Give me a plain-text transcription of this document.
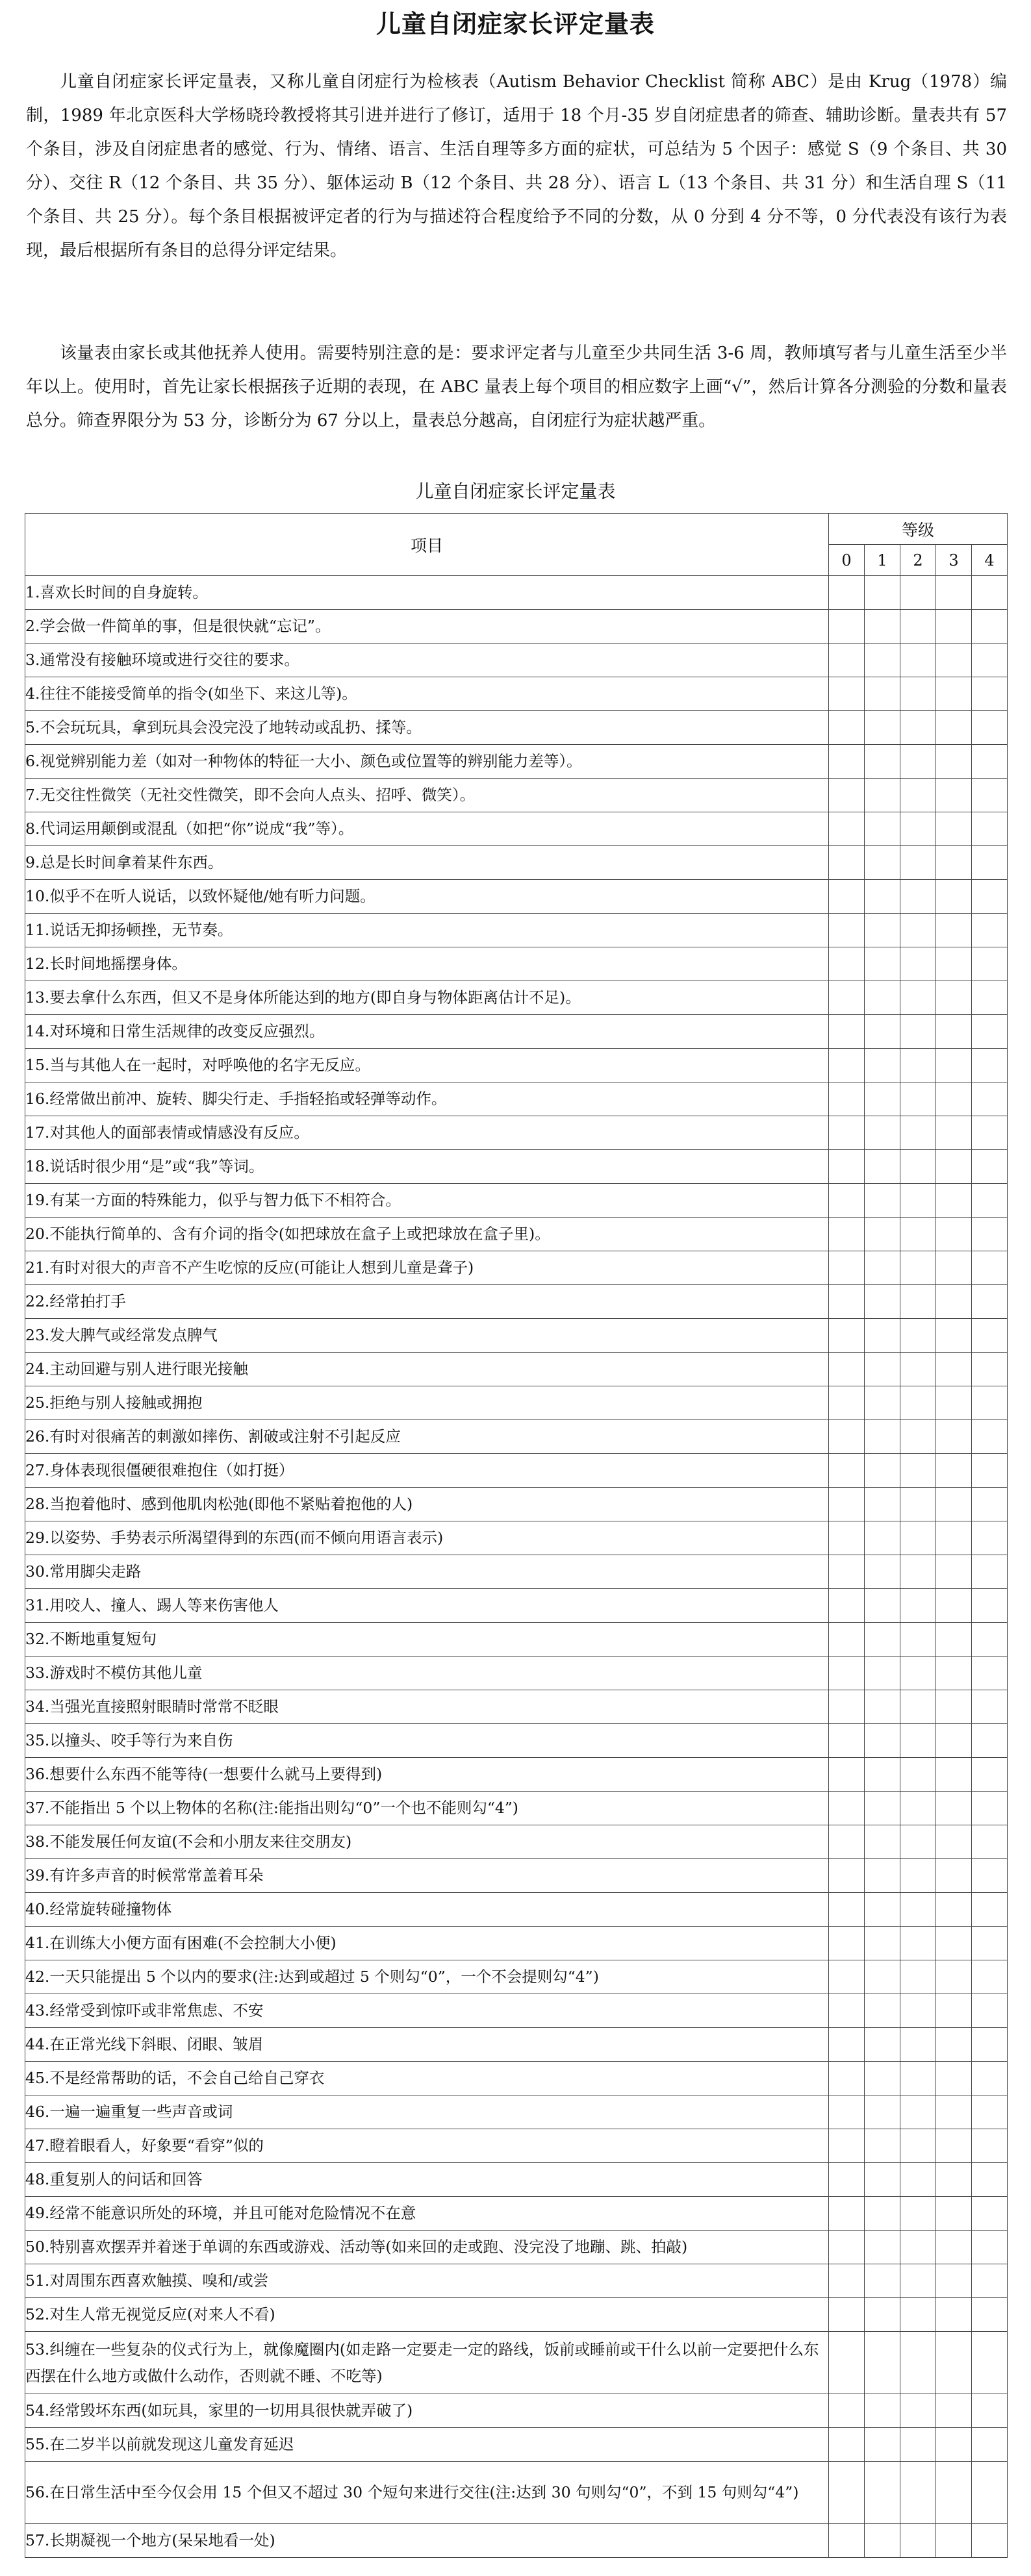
儿童自闭症家长评定量表

儿童自闭症家长评定量表，又称儿童自闭症行为检核表（Autism Behavior Checklist 简称 ABC）是由 Krug（1978）编制，1989 年北京医科大学杨晓玲教授将其引进并进行了修订，适用于 18 个月-35 岁自闭症患者的筛查、辅助诊断。量表共有 57 个条目，涉及自闭症患者的感觉、行为、情绪、语言、生活自理等多方面的症状，可总结为 5 个因子：感觉 S（9 个条目、共 30 分）、交往 R（12 个条目、共 35 分）、躯体运动 B（12 个条目、共 28 分）、语言 L（13 个条目、共 31 分）和生活自理 S（11 个条目、共 25 分）。每个条目根据被评定者的行为与描述符合程度给予不同的分数，从 0 分到 4 分不等，0 分代表没有该行为表现，最后根据所有条目的总得分评定结果。

该量表由家长或其他抚养人使用。需要特别注意的是：要求评定者与儿童至少共同生活 3-6 周，教师填写者与儿童生活至少半年以上。使用时，首先让家长根据孩子近期的表现，在 ABC 量表上每个项目的相应数字上画“√”，然后计算各分测验的分数和量表总分。筛查界限分为 53 分，诊断分为 67 分以上，量表总分越高，自闭症行为症状越严重。

儿童自闭症家长评定量表
项目	等级				
	0	1	2	3	4
1.喜欢长时间的自身旋转。					
2.学会做一件简单的事，但是很快就“忘记”。					
3.通常没有接触环境或进行交往的要求。					
4.往往不能接受简单的指令(如坐下、来这儿等)。					
5.不会玩玩具，拿到玩具会没完没了地转动或乱扔、揉等。					
6.视觉辨别能力差（如对一种物体的特征一大小、颜色或位置等的辨别能力差等）。					
7.无交往性微笑（无社交性微笑，即不会向人点头、招呼、微笑）。					
8.代词运用颠倒或混乱（如把“你”说成“我”等）。					
9.总是长时间拿着某件东西。					
10.似乎不在听人说话，以致怀疑他/她有听力问题。					
11.说话无抑扬顿挫，无节奏。					
12.长时间地摇摆身体。					
13.要去拿什么东西，但又不是身体所能达到的地方(即自身与物体距离估计不足)。					
14.对环境和日常生活规律的改变反应强烈。					
15.当与其他人在一起时，对呼唤他的名字无反应。					
16.经常做出前冲、旋转、脚尖行走、手指轻掐或轻弹等动作。					
17.对其他人的面部表情或情感没有反应。					
18.说话时很少用“是”或“我”等词。					
19.有某一方面的特殊能力，似乎与智力低下不相符合。					
20.不能执行简单的、含有介词的指令(如把球放在盒子上或把球放在盒子里)。					
21.有时对很大的声音不产生吃惊的反应(可能让人想到儿童是聋子)					
22.经常拍打手					
23.发大脾气或经常发点脾气					
24.主动回避与别人进行眼光接触					
25.拒绝与别人接触或拥抱					
26.有时对很痛苦的刺激如摔伤、割破或注射不引起反应					
27.身体表现很僵硬很难抱住（如打挺）					
28.当抱着他时、感到他肌肉松弛(即他不紧贴着抱他的人)					
29.以姿势、手势表示所渴望得到的东西(而不倾向用语言表示)					
30.常用脚尖走路					
31.用咬人、撞人、踢人等来伤害他人					
32.不断地重复短句					
33.游戏时不模仿其他儿童					
34.当强光直接照射眼睛时常常不眨眼					
35.以撞头、咬手等行为来自伤					
36.想要什么东西不能等待(一想要什么就马上要得到)					
37.不能指出 5 个以上物体的名称(注:能指出则勾“0”一个也不能则勾“4”)					
38.不能发展任何友谊(不会和小朋友来往交朋友)					
39.有许多声音的时候常常盖着耳朵					
40.经常旋转碰撞物体					
41.在训练大小便方面有困难(不会控制大小便)					
42.一天只能提出 5 个以内的要求(注:达到或超过 5 个则勾“0”，一个不会提则勾“4”)					
43.经常受到惊吓或非常焦虑、不安					
44.在正常光线下斜眼、闭眼、皱眉					
45.不是经常帮助的话，不会自己给自己穿衣					
46.一遍一遍重复一些声音或词					
47.瞪着眼看人，好象要“看穿”似的					
48.重复别人的问话和回答					
49.经常不能意识所处的环境，并且可能对危险情况不在意					
50.特别喜欢摆弄并着迷于单调的东西或游戏、活动等(如来回的走或跑、没完没了地蹦、跳、拍敲)					
51.对周围东西喜欢触摸、嗅和/或尝					
52.对生人常无视觉反应(对来人不看)					
53.纠缠在一些复杂的仪式行为上，就像魔圈内(如走路一定要走一定的路线，饭前或睡前或干什么以前一定要把什么东西摆在什么地方或做什么动作，否则就不睡、不吃等)					
54.经常毁坏东西(如玩具，家里的一切用具很快就弄破了)					
55.在二岁半以前就发现这儿童发育延迟					
56.在日常生活中至今仅会用 15 个但又不超过 30 个短句来进行交往(注:达到 30 句则勾“0”，不到 15 句则勾“4”)					
57.长期凝视一个地方(呆呆地看一处)					
